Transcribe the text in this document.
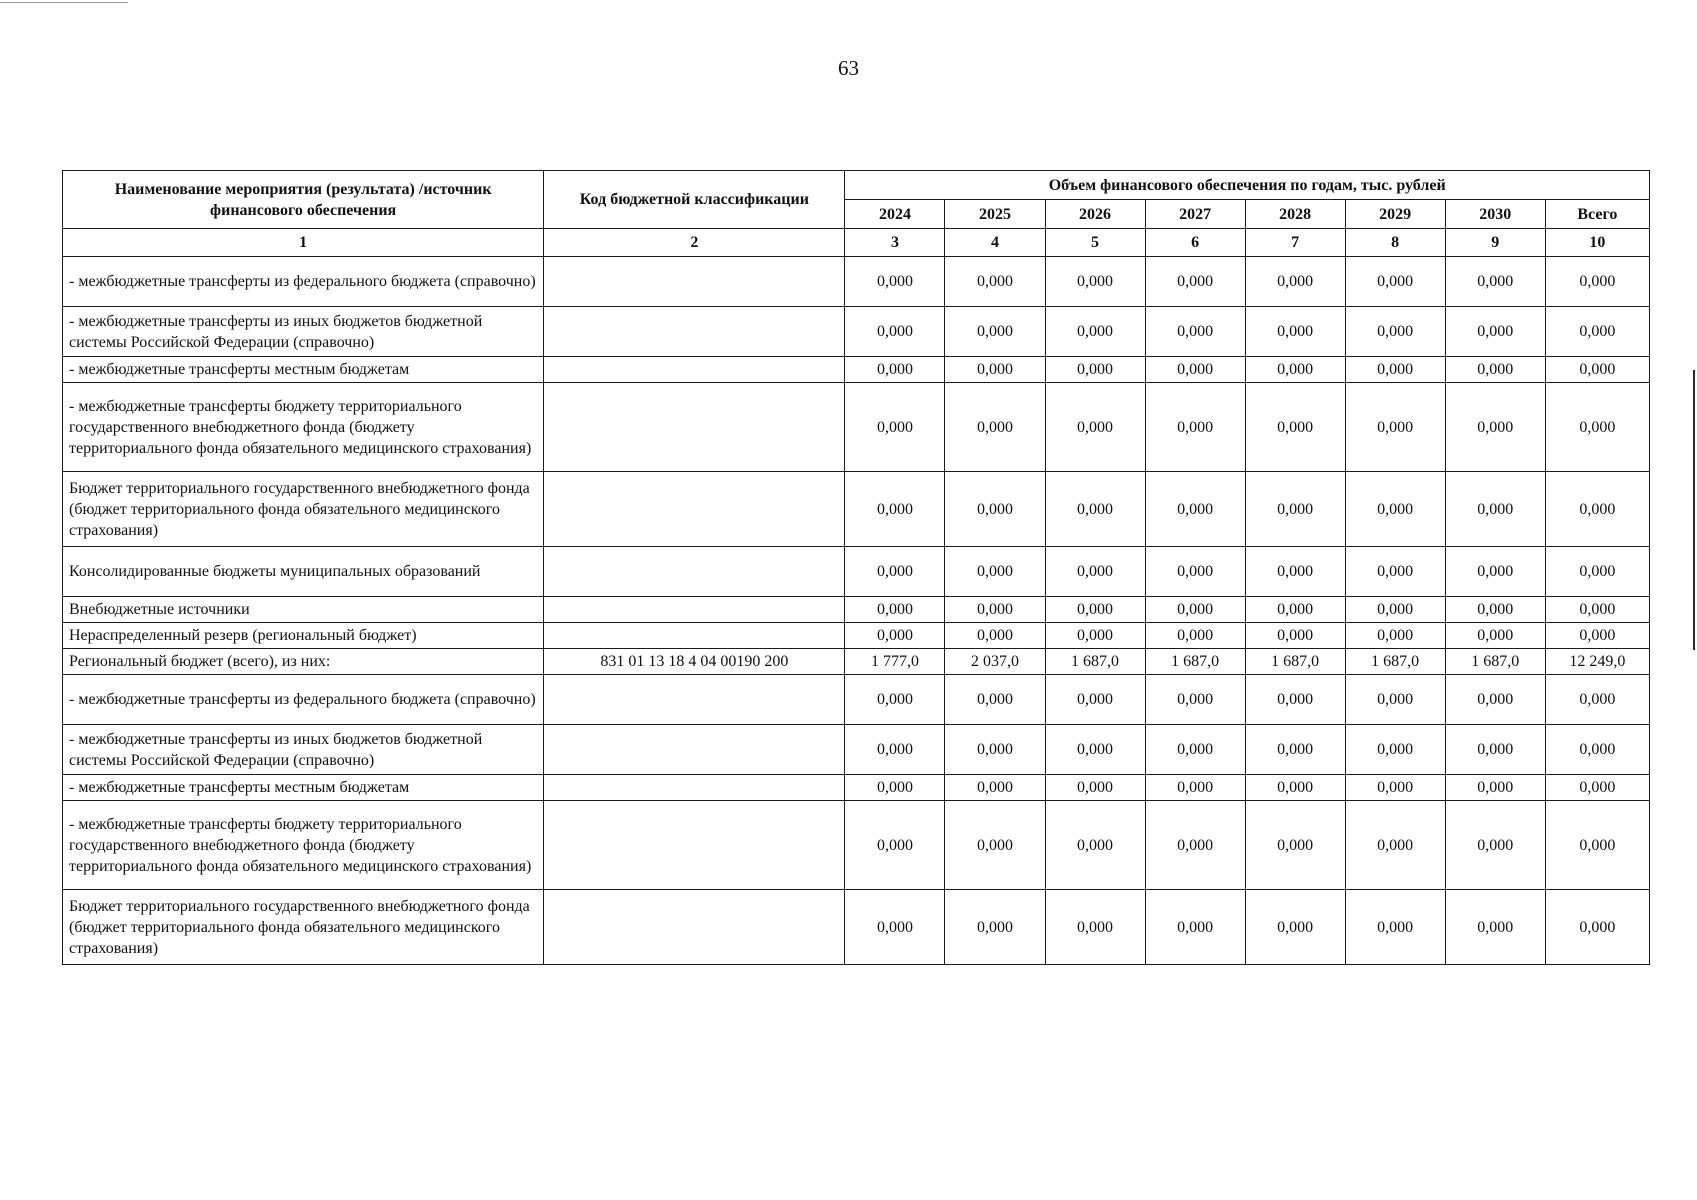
63
Наименование мероприятия (результата) /источник финансового обеспечения	Код бюджетной классификации	Объем финансового обеспечения по годам, тыс. рублей							
		2024	2025	2026	2027	2028	2029	2030	Всего
1	2	3	4	5	6	7	8	9	10
- межбюджетные трансферты из федерального бюджета (справочно)		0,000	0,000	0,000	0,000	0,000	0,000	0,000	0,000
- межбюджетные трансферты из иных бюджетов бюджетной системы Российской Федерации (справочно)		0,000	0,000	0,000	0,000	0,000	0,000	0,000	0,000
- межбюджетные трансферты местным бюджетам		0,000	0,000	0,000	0,000	0,000	0,000	0,000	0,000
- межбюджетные трансферты бюджету территориального государственного внебюджетного фонда (бюджету территориального фонда обязательного медицинского страхования)		0,000	0,000	0,000	0,000	0,000	0,000	0,000	0,000
Бюджет территориального государственного внебюджетного фонда (бюджет территориального фонда обязательного медицинского страхования)		0,000	0,000	0,000	0,000	0,000	0,000	0,000	0,000
Консолидированные бюджеты муниципальных образований		0,000	0,000	0,000	0,000	0,000	0,000	0,000	0,000
Внебюджетные источники		0,000	0,000	0,000	0,000	0,000	0,000	0,000	0,000
Нераспределенный резерв (региональный бюджет)		0,000	0,000	0,000	0,000	0,000	0,000	0,000	0,000
Региональный бюджет (всего), из них:	831 01 13 18 4 04 00190 200	1 777,0	2 037,0	1 687,0	1 687,0	1 687,0	1 687,0	1 687,0	12 249,0
- межбюджетные трансферты из федерального бюджета (справочно)		0,000	0,000	0,000	0,000	0,000	0,000	0,000	0,000
- межбюджетные трансферты из иных бюджетов бюджетной системы Российской Федерации (справочно)		0,000	0,000	0,000	0,000	0,000	0,000	0,000	0,000
- межбюджетные трансферты местным бюджетам		0,000	0,000	0,000	0,000	0,000	0,000	0,000	0,000
- межбюджетные трансферты бюджету территориального государственного внебюджетного фонда (бюджету территориального фонда обязательного медицинского страхования)		0,000	0,000	0,000	0,000	0,000	0,000	0,000	0,000
Бюджет территориального государственного внебюджетного фонда (бюджет территориального фонда обязательного медицинского страхования)		0,000	0,000	0,000	0,000	0,000	0,000	0,000	0,000
